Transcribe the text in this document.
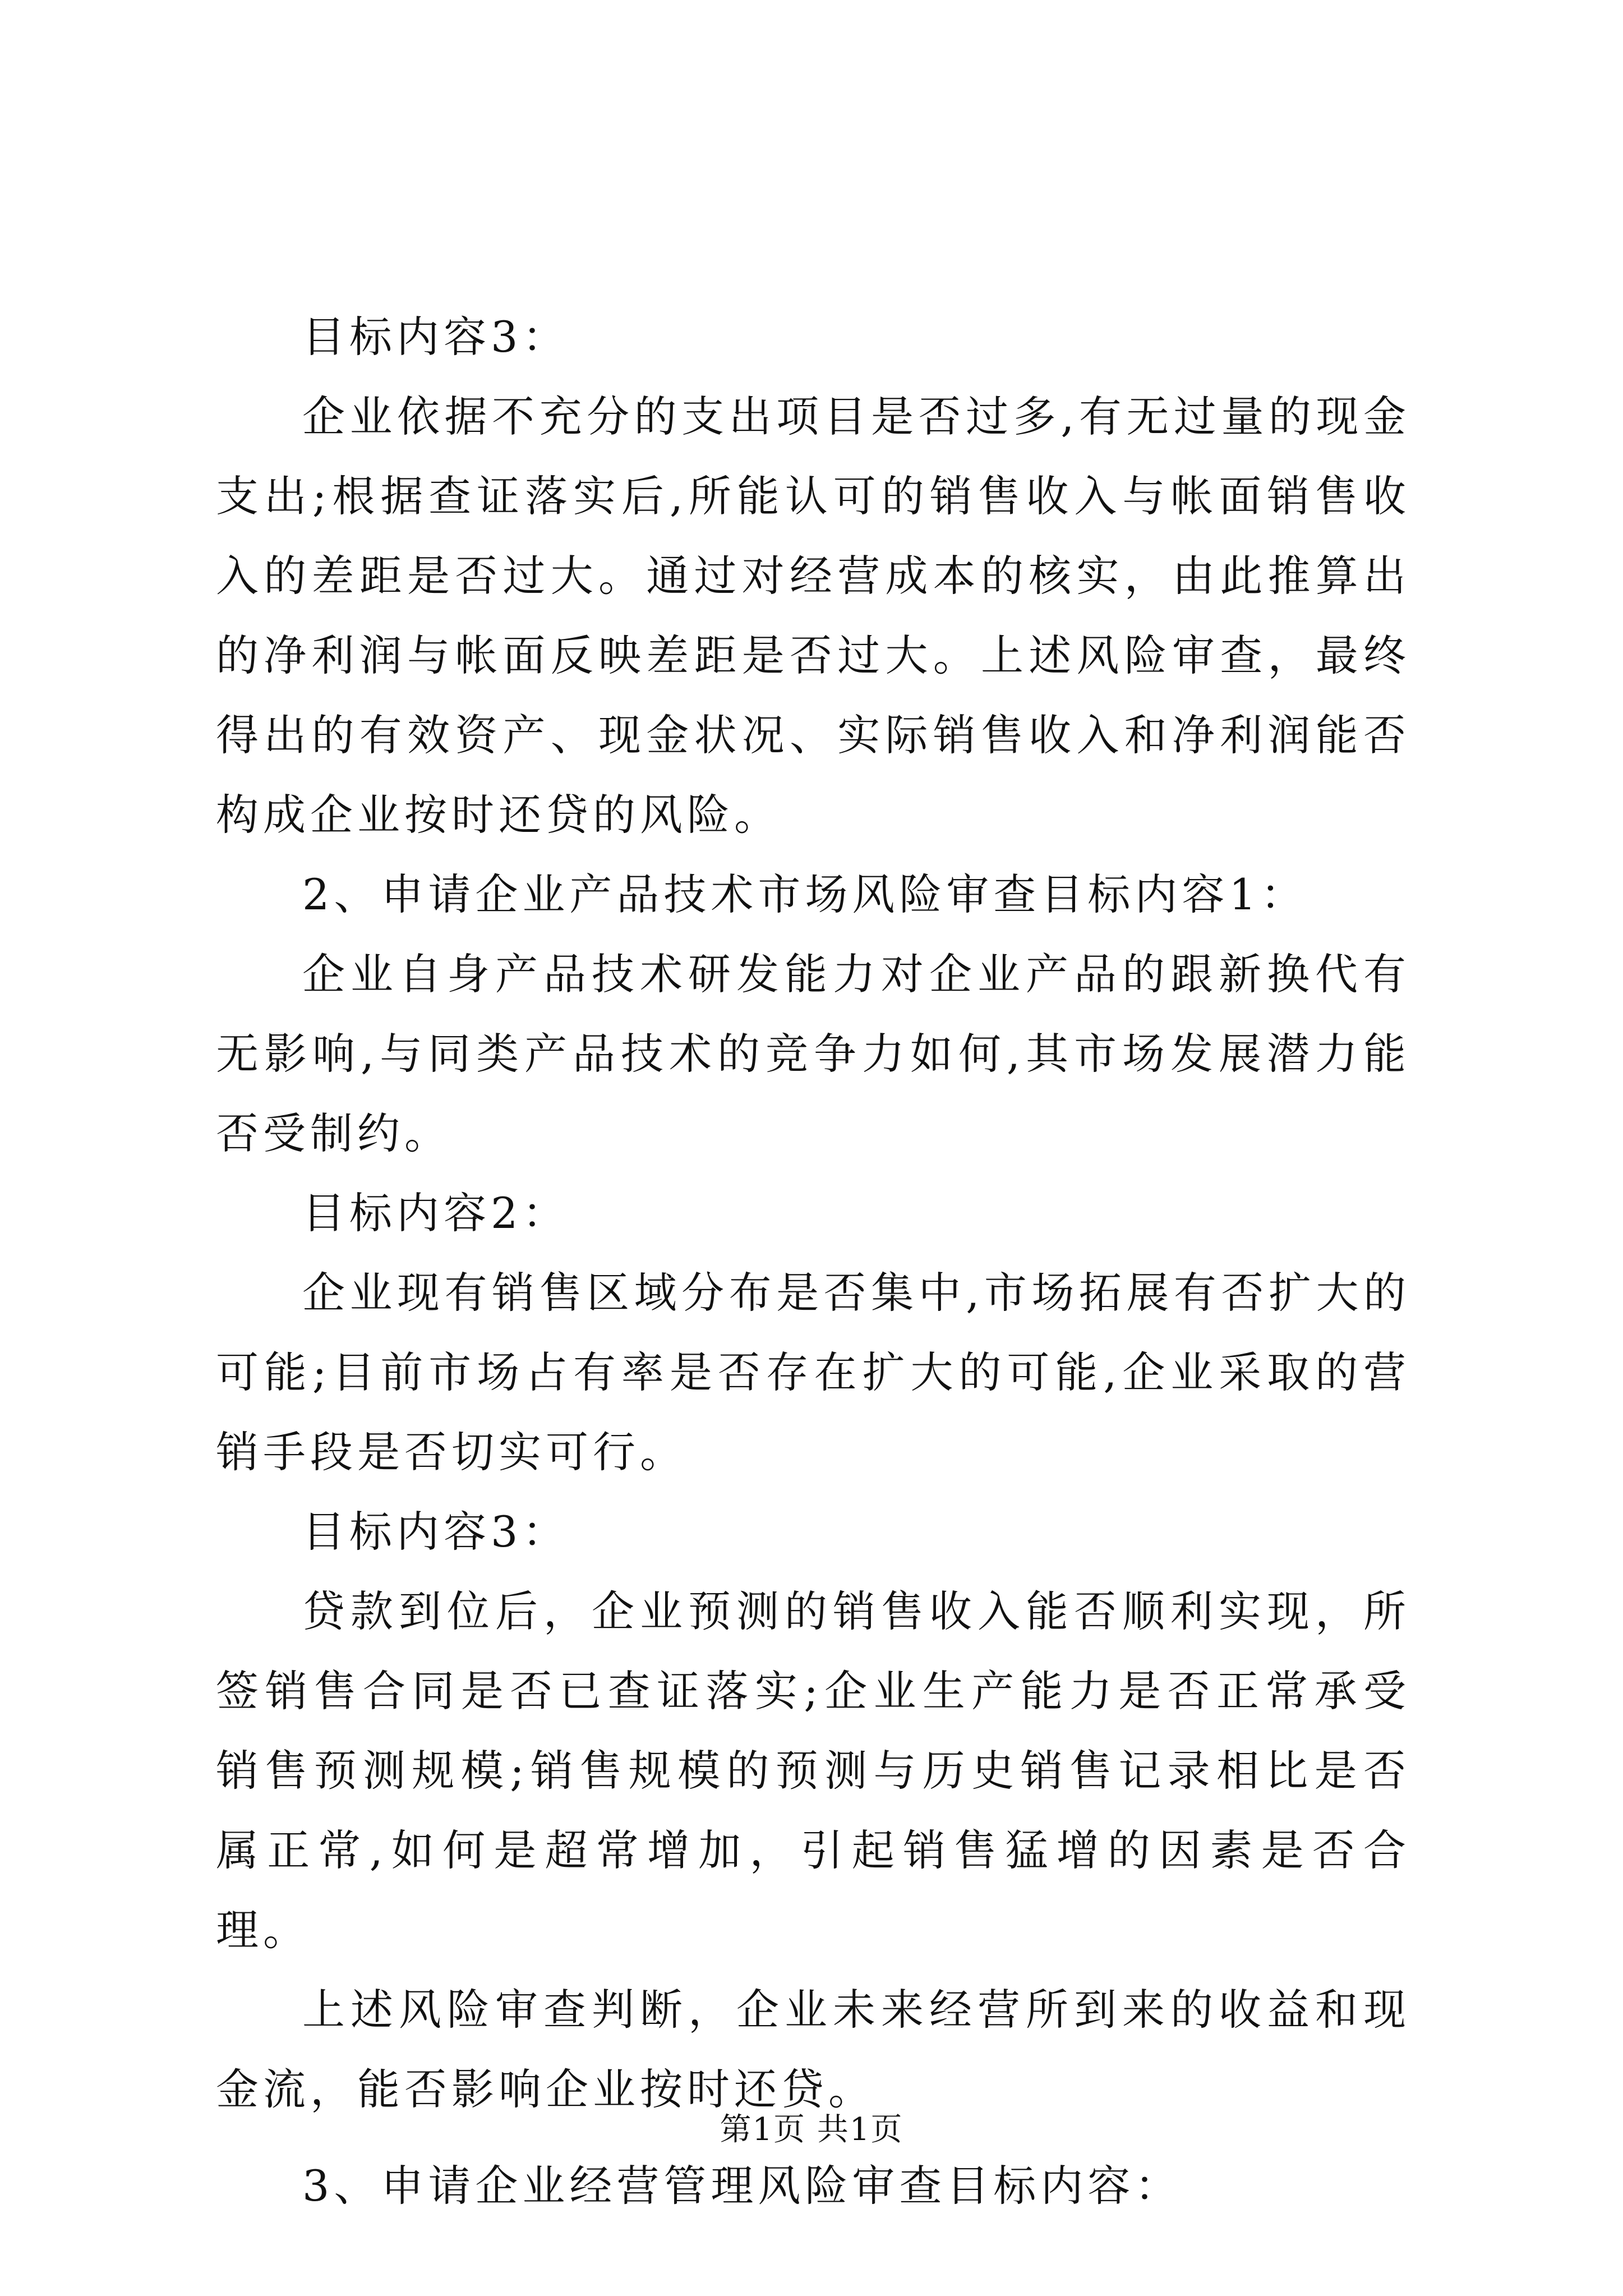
目标内容3：

企业依据不充分的支出项目是否过多,有无过量的现金支出;根据查证落实后,所能认可的销售收入与帐面销售收入的差距是否过大。通过对经营成本的核实，由此推算出的净利润与帐面反映差距是否过大。上述风险审查，最终得出的有效资产、现金状况、实际销售收入和净利润能否构成企业按时还贷的风险。

2、申请企业产品技术市场风险审查目标内容1：

企业自身产品技术研发能力对企业产品的跟新换代有无影响,与同类产品技术的竞争力如何,其市场发展潜力能否受制约。

目标内容2：

企业现有销售区域分布是否集中,市场拓展有否扩大的可能;目前市场占有率是否存在扩大的可能,企业采取的营销手段是否切实可行。

目标内容3：

贷款到位后，企业预测的销售收入能否顺利实现，所签销售合同是否已查证落实;企业生产能力是否正常承受销售预测规模;销售规模的预测与历史销售记录相比是否属正常,如何是超常增加，引起销售猛增的因素是否合理。

上述风险审查判断，企业未来经营所到来的收益和现金流，能否影响企业按时还贷。

3、申请企业经营管理风险审查目标内容：

第1页 共1页
